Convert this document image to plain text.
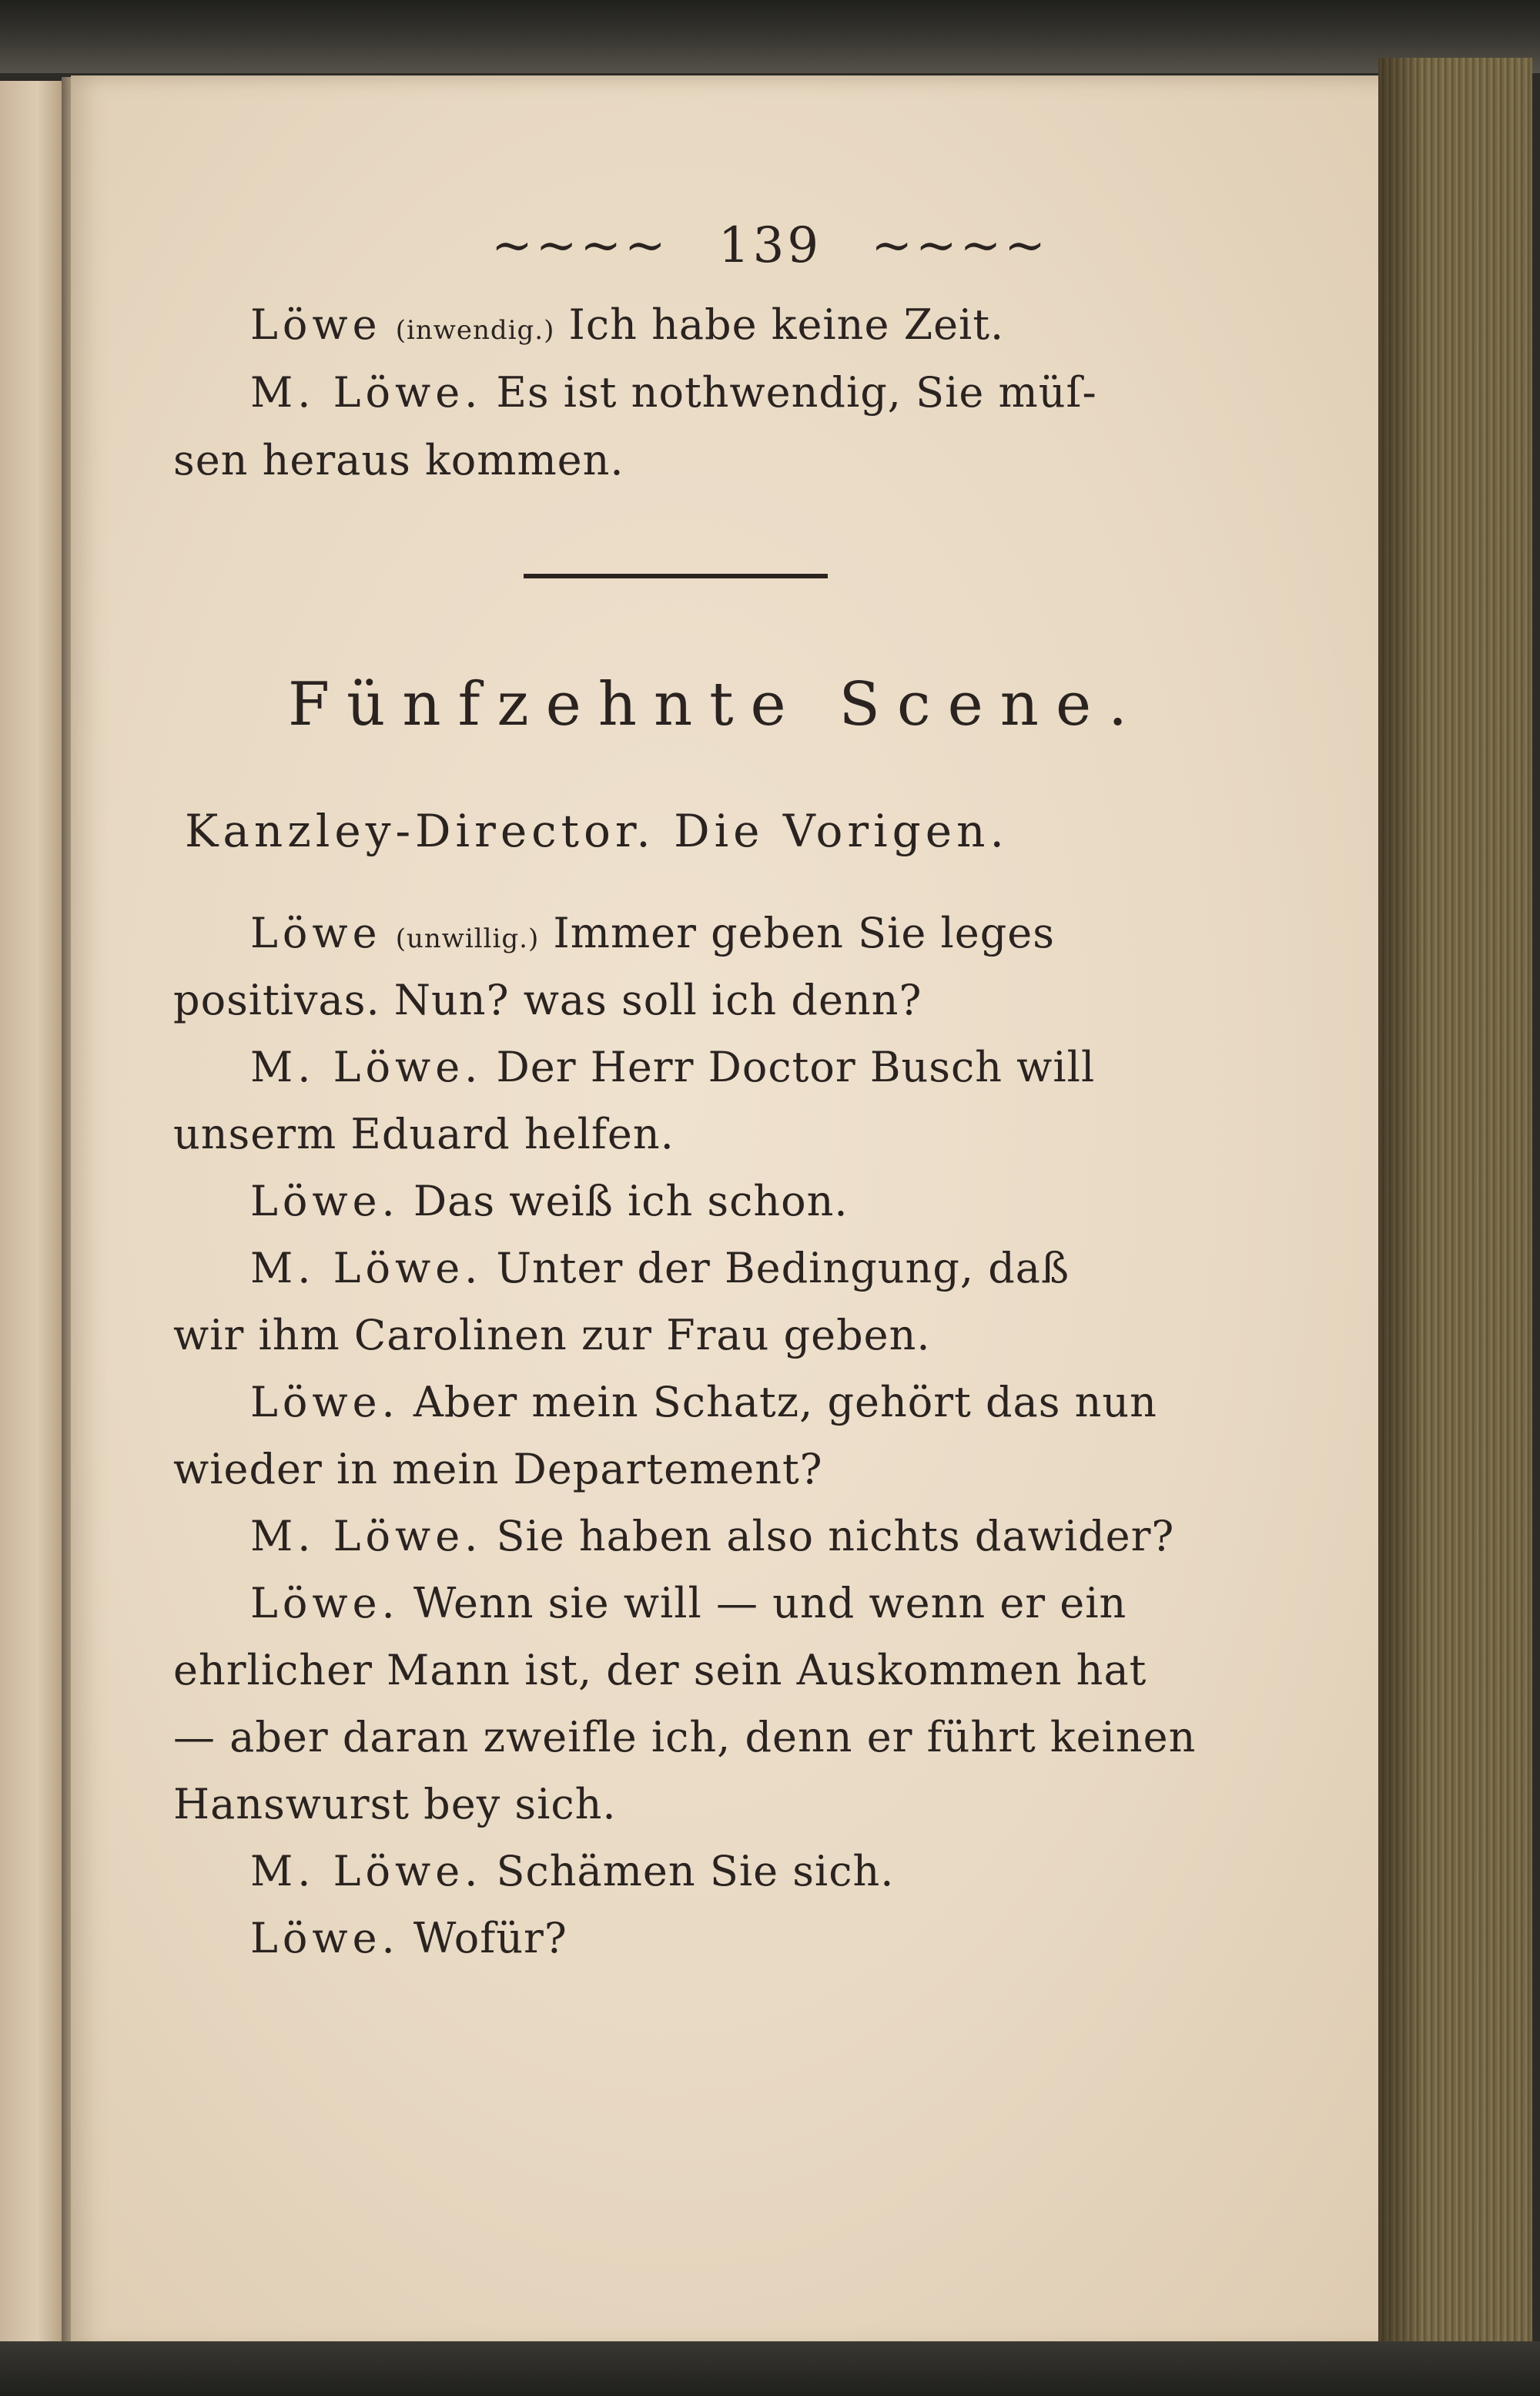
~~~~ 139 ~~~~
Löwe (inwendig.) Ich habe keine Zeit.
M. Löwe. Es ist nothwendig, Sie müſ-
sen heraus kommen.
Fünfzehnte Scene.
Kanzley-Director. Die Vorigen.
Löwe (unwillig.) Immer geben Sie leges
positivas. Nun? was soll ich denn?
M. Löwe. Der Herr Doctor Busch will
unserm Eduard helfen.
Löwe. Das weiß ich schon.
M. Löwe. Unter der Bedingung, daß
wir ihm Carolinen zur Frau geben.
Löwe. Aber mein Schatz, gehört das nun
wieder in mein Departement?
M. Löwe. Sie haben also nichts dawider?
Löwe. Wenn sie will — und wenn er ein
ehrlicher Mann ist, der sein Auskommen hat
— aber daran zweifle ich, denn er führt keinen
Hanswurst bey sich.
M. Löwe. Schämen Sie sich.
Löwe. Wofür?
